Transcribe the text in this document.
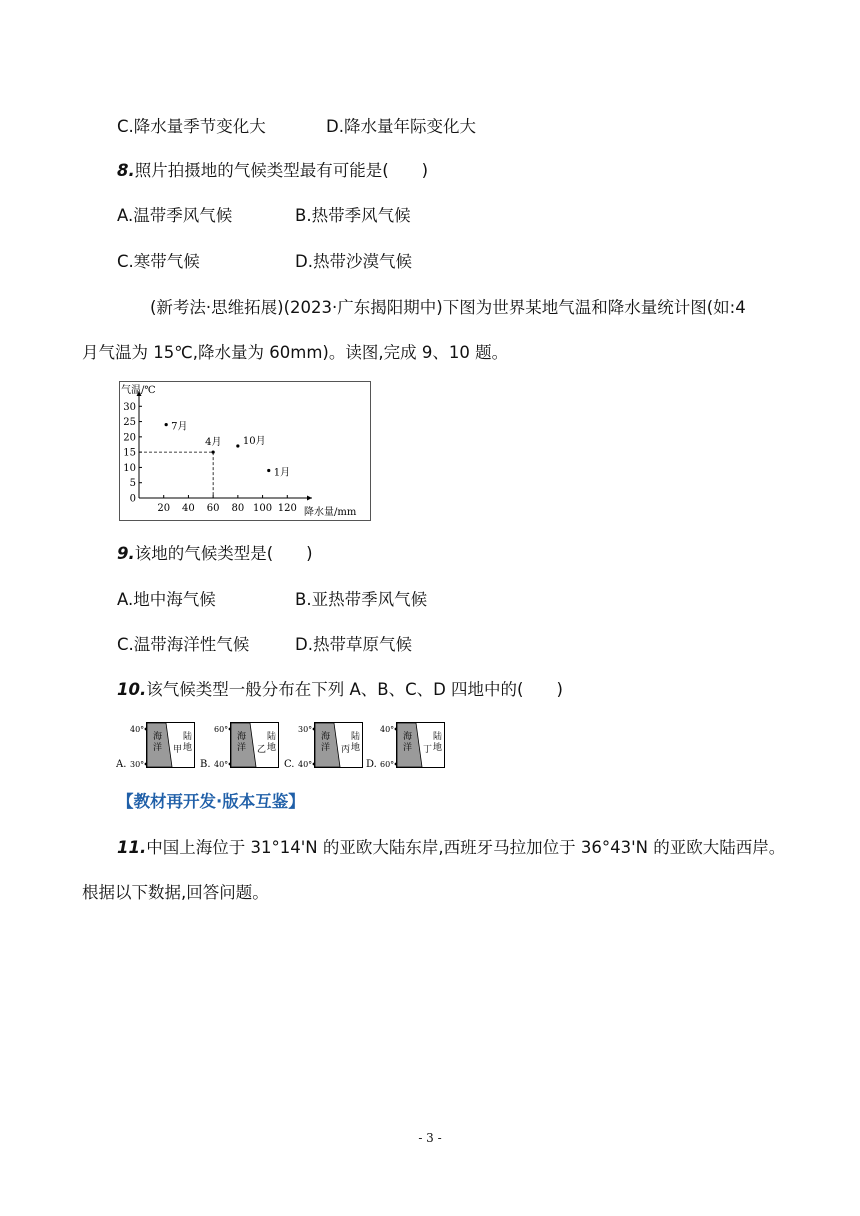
C.降水量季节变化大	D.降水量年际变化大
8.照片拍摄地的气候类型最有可能是(　　)
A.温带季风气候	B.热带季风气候
C.寒带气候	D.热带沙漠气候
(新考法·思维拓展)(2023·广东揭阳期中)下图为世界某地气温和降水量统计图(如:4
月气温为 15℃,降水量为 60mm)。读图,完成 9、10 题。
气温/℃
降水量/mm
0
5
10
15
20
25
30
20 40 60 80 100 120
7月
4月 10月
1月
9.该地的气候类型是(　　)
A.地中海气候	B.亚热带季风气候
C.温带海洋性气候	D.热带草原气候
10.该气候类型一般分布在下列 A、B、C、D 四地中的(　　)
A.
40°
30°
海
洋
陆
地
甲
B.
60°
40°
海
洋
陆
地
乙
C.
30°
40°
海
洋
陆
地
丙
D.
40°
60°
海
洋
陆
地
丁
【教材再开发·版本互鉴】
11.中国上海位于 31°14'N 的亚欧大陆东岸,西班牙马拉加位于 36°43'N 的亚欧大陆西岸。
根据以下数据,回答问题。
- 3 -
